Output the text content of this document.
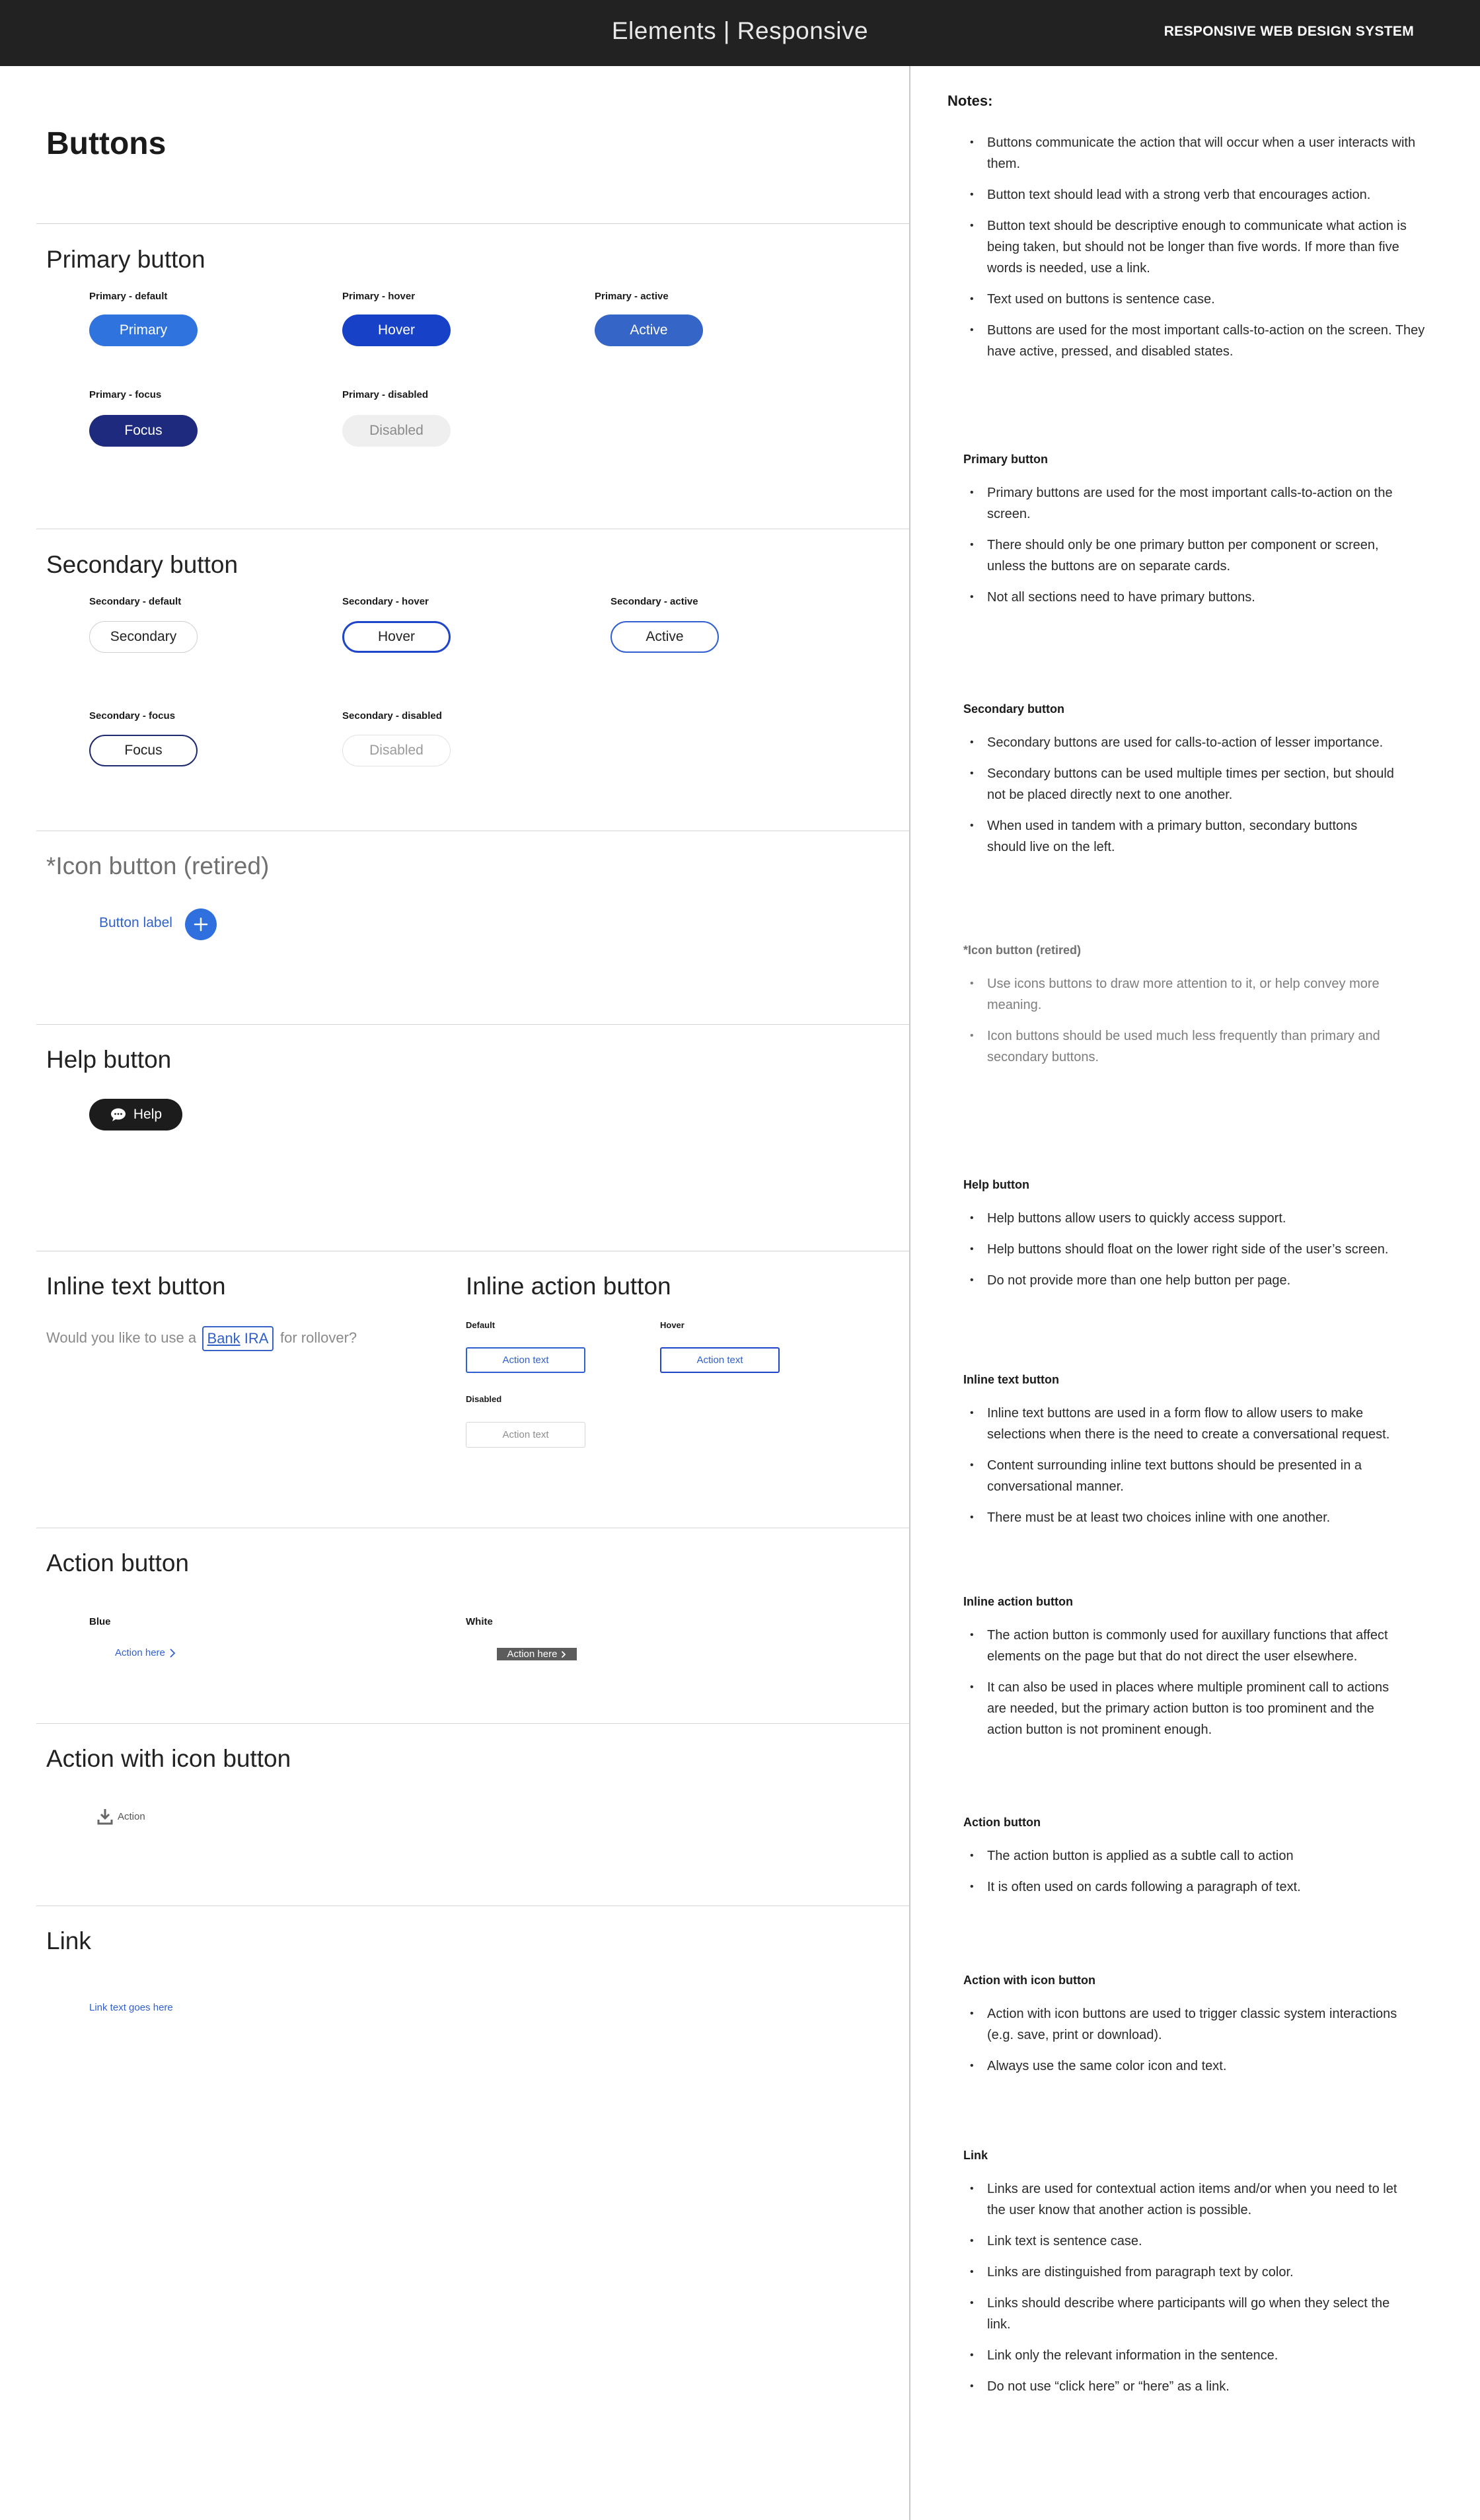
Elements | Responsive	RESPONSIVE WEB DESIGN SYSTEM
Buttons
Primary button
Primary - default	Primary - hover	Primary - active
Primary	Hover	Active
Primary - focus	Primary - disabled
Focus	Disabled
Secondary button
Secondary - default	Secondary - hover	Secondary - active
Secondary	Hover	Active
Secondary - focus	Secondary - disabled
Focus	Disabled
*Icon button (retired)
Button label
Help button
Help
Inline text button
Would you like to use a Bank
IRA for rollover?
Inline action button
Default	Hover
Action text	Action text
Disabled
Action text
Action button
Blue	White
Action here	Action here
Action with icon button
Action
Link
Link text goes here
Notes:
• Buttons communicate the action that will occur when a user interacts with them.
• Button text should lead with a strong verb that encourages action.
• Button text should be descriptive enough to communicate what action is being taken, but should not be longer than five words. If more than five words is needed, use a link.
• Text used on buttons is sentence case.
• Buttons are used for the most important calls-to-action on the screen. They have active, pressed, and disabled states.
Primary button
• Primary buttons are used for the most important calls-to-action on the screen.
• There should only be one primary button per component or screen, unless the buttons are on separate cards.
• Not all sections need to have primary buttons.
Secondary button
• Secondary buttons are used for calls-to-action of lesser importance.
• Secondary buttons can be used multiple times per section, but should not be placed directly next to one another.
• When used in tandem with a primary button, secondary buttons should live on the left.
*Icon button (retired)
• Use icons buttons to draw more attention to it, or help convey more meaning.
• Icon buttons should be used much less frequently than primary and secondary buttons.
Help button
• Help buttons allow users to quickly access support.
• Help buttons should float on the lower right side of the user’s screen.
• Do not provide more than one help button per page.
Inline text button
• Inline text buttons are used in a form flow to allow users to make selections when there is the need to create a conversational request.
• Content surrounding inline text buttons should be presented in a conversational manner.
• There must be at least two choices inline with one another.
Inline action button
• The action button is commonly used for auxillary functions that affect elements on the page but that do not direct the user elsewhere.
• It can also be used in places where multiple prominent call to actions are needed, but the primary action button is too prominent and the action button is not prominent enough.
Action button
• The action button is applied as a subtle call to action
• It is often used on cards following a paragraph of text.
Action with icon button
• Action with icon buttons are used to trigger classic system interactions (e.g. save, print or download).
• Always use the same color icon and text.
Link
• Links are used for contextual action items and/or when you need to let the user know that another action is possible.
• Link text is sentence case.
• Links are distinguished from paragraph text by color.
• Links should describe where participants will go when they select the link.
• Link only the relevant information in the sentence.
• Do not use “click here” or “here” as a link.
